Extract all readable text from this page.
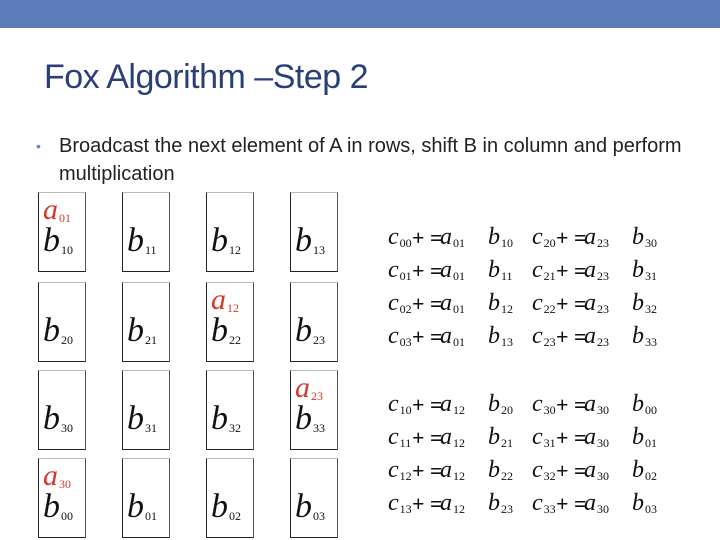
Fox Algorithm –Step 2
• Broadcast the next element of A in rows, shift B in column and perform multiplication
$a_{01}$
$b_{10}$ $b_{11}$ $b_{12}$ $b_{13}$
$b_{20}$ $b_{21}$
$a_{12}$
$b_{22}$ $b_{23}$
$b_{30}$ $b_{31}$ $b_{32}$
$a_{23}$
$b_{33}$
$a_{30}$
$b_{00}$ $b_{01}$ $b_{02}$ $b_{03}$
$c_{00}$ + =
$a_{01}$ $b_{10}$ $c_{20}$ + =
$a_{23}$ $b_{30}$
$c_{01}$ + =
$a_{01}$ $b_{11}$ $c_{21}$ + =
$a_{23}$ $b_{31}$
$c_{02}$ + =
$a_{01}$ $b_{12}$ $c_{22}$ + =
$a_{23}$ $b_{32}$
$c_{03}$ + =
$a_{01}$ $b_{13}$ $c_{23}$ + =
$a_{23}$ $b_{33}$
$c_{10}$ + =
$a_{12}$ $b_{20}$ $c_{30}$ + =
$a_{30}$ $b_{00}$
$c_{11}$ + =
$a_{12}$ $b_{21}$ $c_{31}$ + =
$a_{30}$ $b_{01}$
$c_{12}$ + =
$a_{12}$ $b_{22}$ $c_{32}$ + =
$a_{30}$ $b_{02}$
$c_{13}$ + =
$a_{12}$ $b_{23}$ $c_{33}$ + =
$a_{30}$ $b_{03}$
